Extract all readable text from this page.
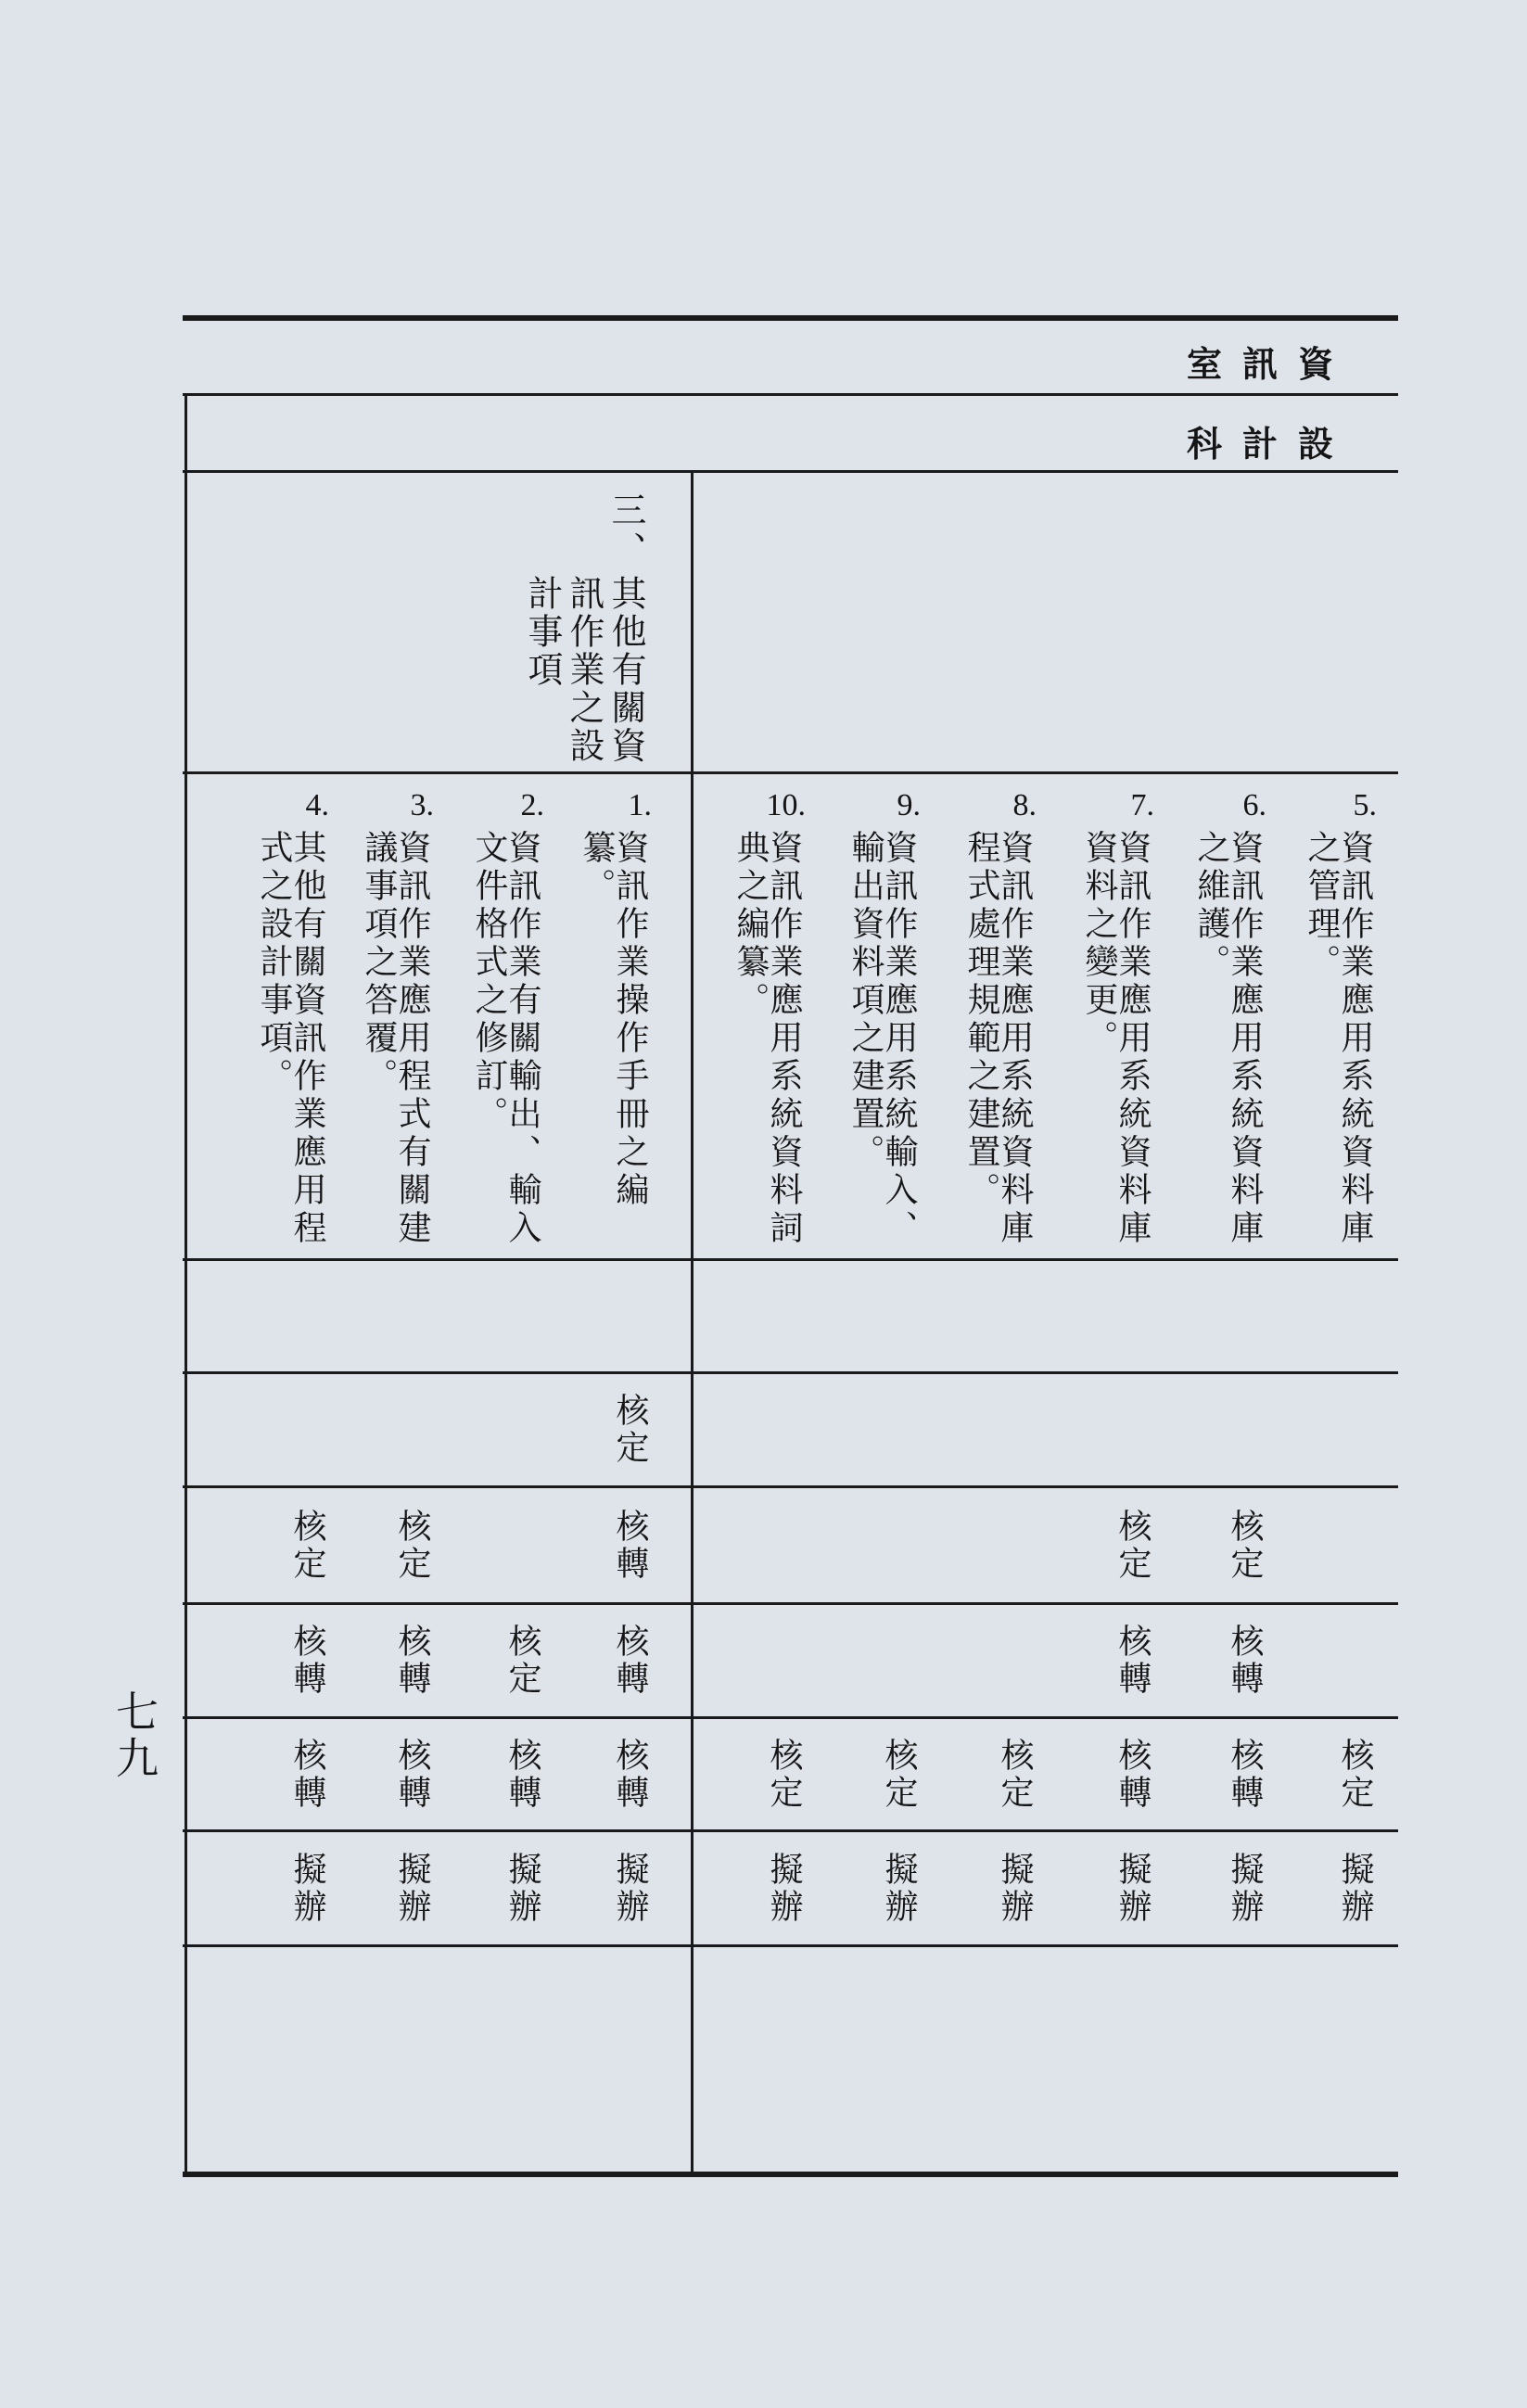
資訊室
設計科
三、
其他有關資訊作業之設計事項
1.
資訊作業操作手冊之編纂。
2.
資訊作業有關輸出、輸入文件格式之修訂。
3.
資訊作業應用程式有關建議事項之答覆。
4.
其他有關資訊作業應用程式之設計事項。
5.
資訊作業應用系統資料庫之管理。
6.
資訊作業應用系統資料庫之維護。
7.
資訊作業應用系統資料庫資料之變更。
8.
資訊作業應用系統資料庫程式處理規範之建置。
9.
資訊作業應用系統輸入、輸出資料項之建置。
10.
資訊作業應用系統資料詞典之編纂。
核定
核轉
核轉
核轉
擬辦
核定
核轉
擬辦
核定
核轉
核轉
擬辦
核定
核轉
核轉
擬辦
核定
擬辦
核定
核轉
核轉
擬辦
核定
核轉
核轉
擬辦
核定
擬辦
核定
擬辦
核定
擬辦
七九
